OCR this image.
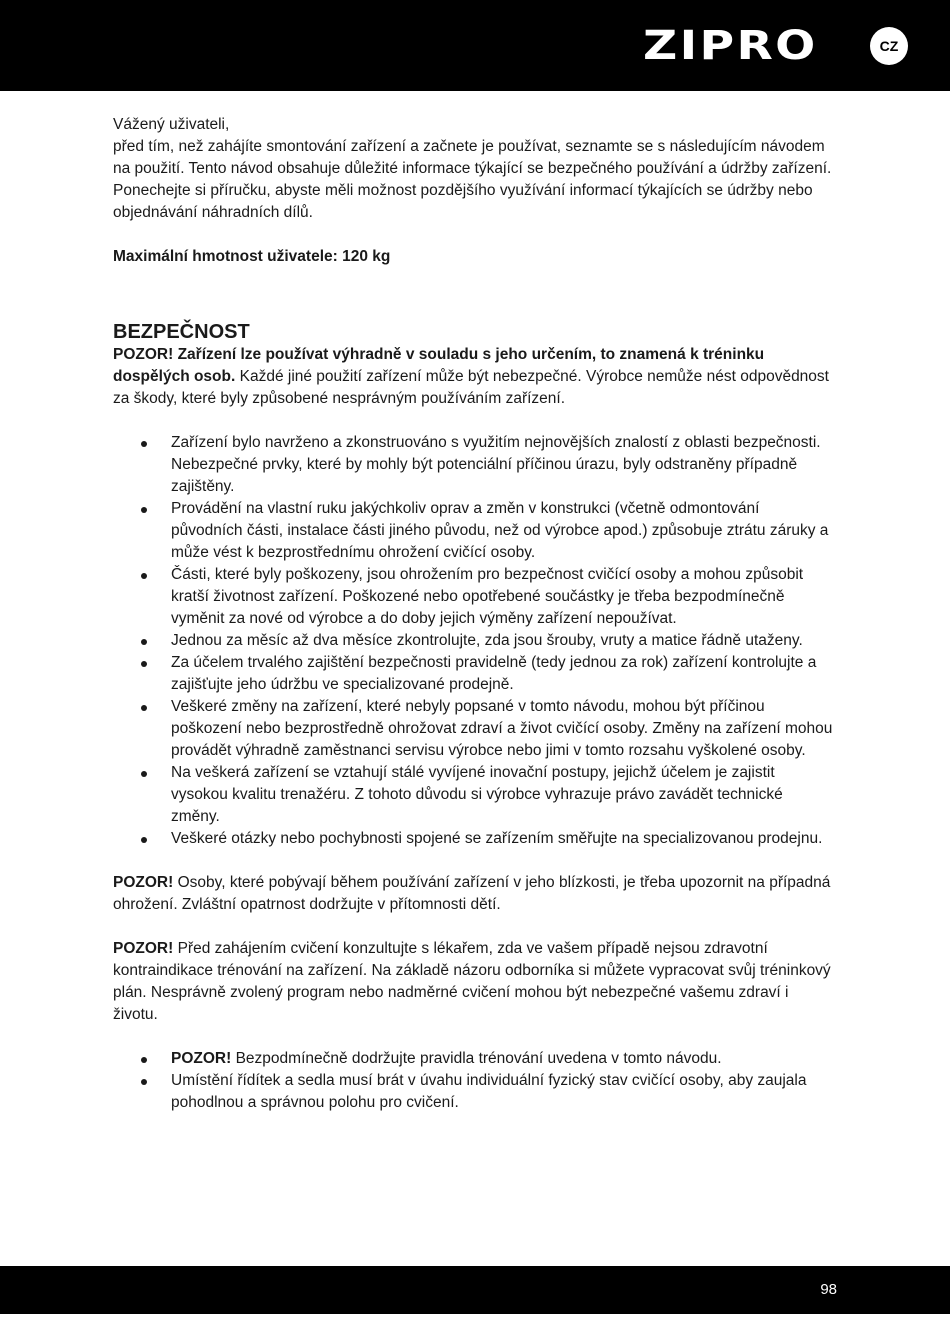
ZIPRO	CZ

Vážený uživateli,

před tím, než zahájíte smontování zařízení a začnete je používat, seznamte se s následujícím návodem na použití. Tento návod obsahuje důležité informace týkající se bezpečného používání a údržby zařízení. Ponechejte si příručku, abyste měli možnost pozdějšího využívání informací týkajících se údržby nebo objednávání náhradních dílů.

Maximální hmotnost uživatele: 120 kg

BEZPEČNOST

POZOR! Zařízení lze používat výhradně v souladu s jeho určením, to znamená k tréninku dospělých osob. Každé jiné použití zařízení může být nebezpečné. Výrobce nemůže nést odpovědnost za škody, které byly způsobené nesprávným používáním zařízení.

Zařízení bylo navrženo a zkonstruováno s využitím nejnovějších znalostí z oblasti bezpečnosti. Nebezpečné prvky, které by mohly být potenciální příčinou úrazu, byly odstraněny případně zajištěny.
Provádění na vlastní ruku jakýchkoliv oprav a změn v konstrukci (včetně odmontování původních části, instalace části jiného původu, než od výrobce apod.) způsobuje ztrátu záruky a může vést k bezprostřednímu ohrožení cvičící osoby.
Části, které byly poškozeny, jsou ohrožením pro bezpečnost cvičící osoby a mohou způsobit kratší životnost zařízení. Poškozené nebo opotřebené součástky je třeba bezpodmínečně vyměnit za nové od výrobce a do doby jejich výměny zařízení nepoužívat.
Jednou za měsíc až dva měsíce zkontrolujte, zda jsou šrouby, vruty a matice řádně utaženy.
Za účelem trvalého zajištění bezpečnosti pravidelně (tedy jednou za rok) zařízení kontrolujte a zajišťujte jeho údržbu ve specializované prodejně.
Veškeré změny na zařízení, které nebyly popsané v tomto návodu, mohou být příčinou poškození nebo bezprostředně ohrožovat zdraví a život cvičící osoby. Změny na zařízení mohou provádět výhradně zaměstnanci servisu výrobce nebo jimi v tomto rozsahu vyškolené osoby.
Na veškerá zařízení se vztahují stálé vyvíjené inovační postupy, jejichž účelem je zajistit vysokou kvalitu trenažéru. Z tohoto důvodu si výrobce vyhrazuje právo zavádět technické změny.
Veškeré otázky nebo pochybnosti spojené se zařízením směřujte na specializovanou prodejnu.

POZOR! Osoby, které pobývají během používání zařízení v jeho blízkosti, je třeba upozornit na případná ohrožení. Zvláštní opatrnost dodržujte v přítomnosti dětí.

POZOR! Před zahájením cvičení konzultujte s lékařem, zda ve vašem případě nejsou zdravotní kontraindikace trénování na zařízení. Na základě názoru odborníka si můžete vypracovat svůj tréninkový plán. Nesprávně zvolený program nebo nadměrné cvičení mohou být nebezpečné vašemu zdraví i životu.

POZOR! Bezpodmínečně dodržujte pravidla trénování uvedena v tomto návodu.
Umístění řídítek a sedla musí brát v úvahu individuální fyzický stav cvičící osoby, aby zaujala pohodlnou a správnou polohu pro cvičení.
98
